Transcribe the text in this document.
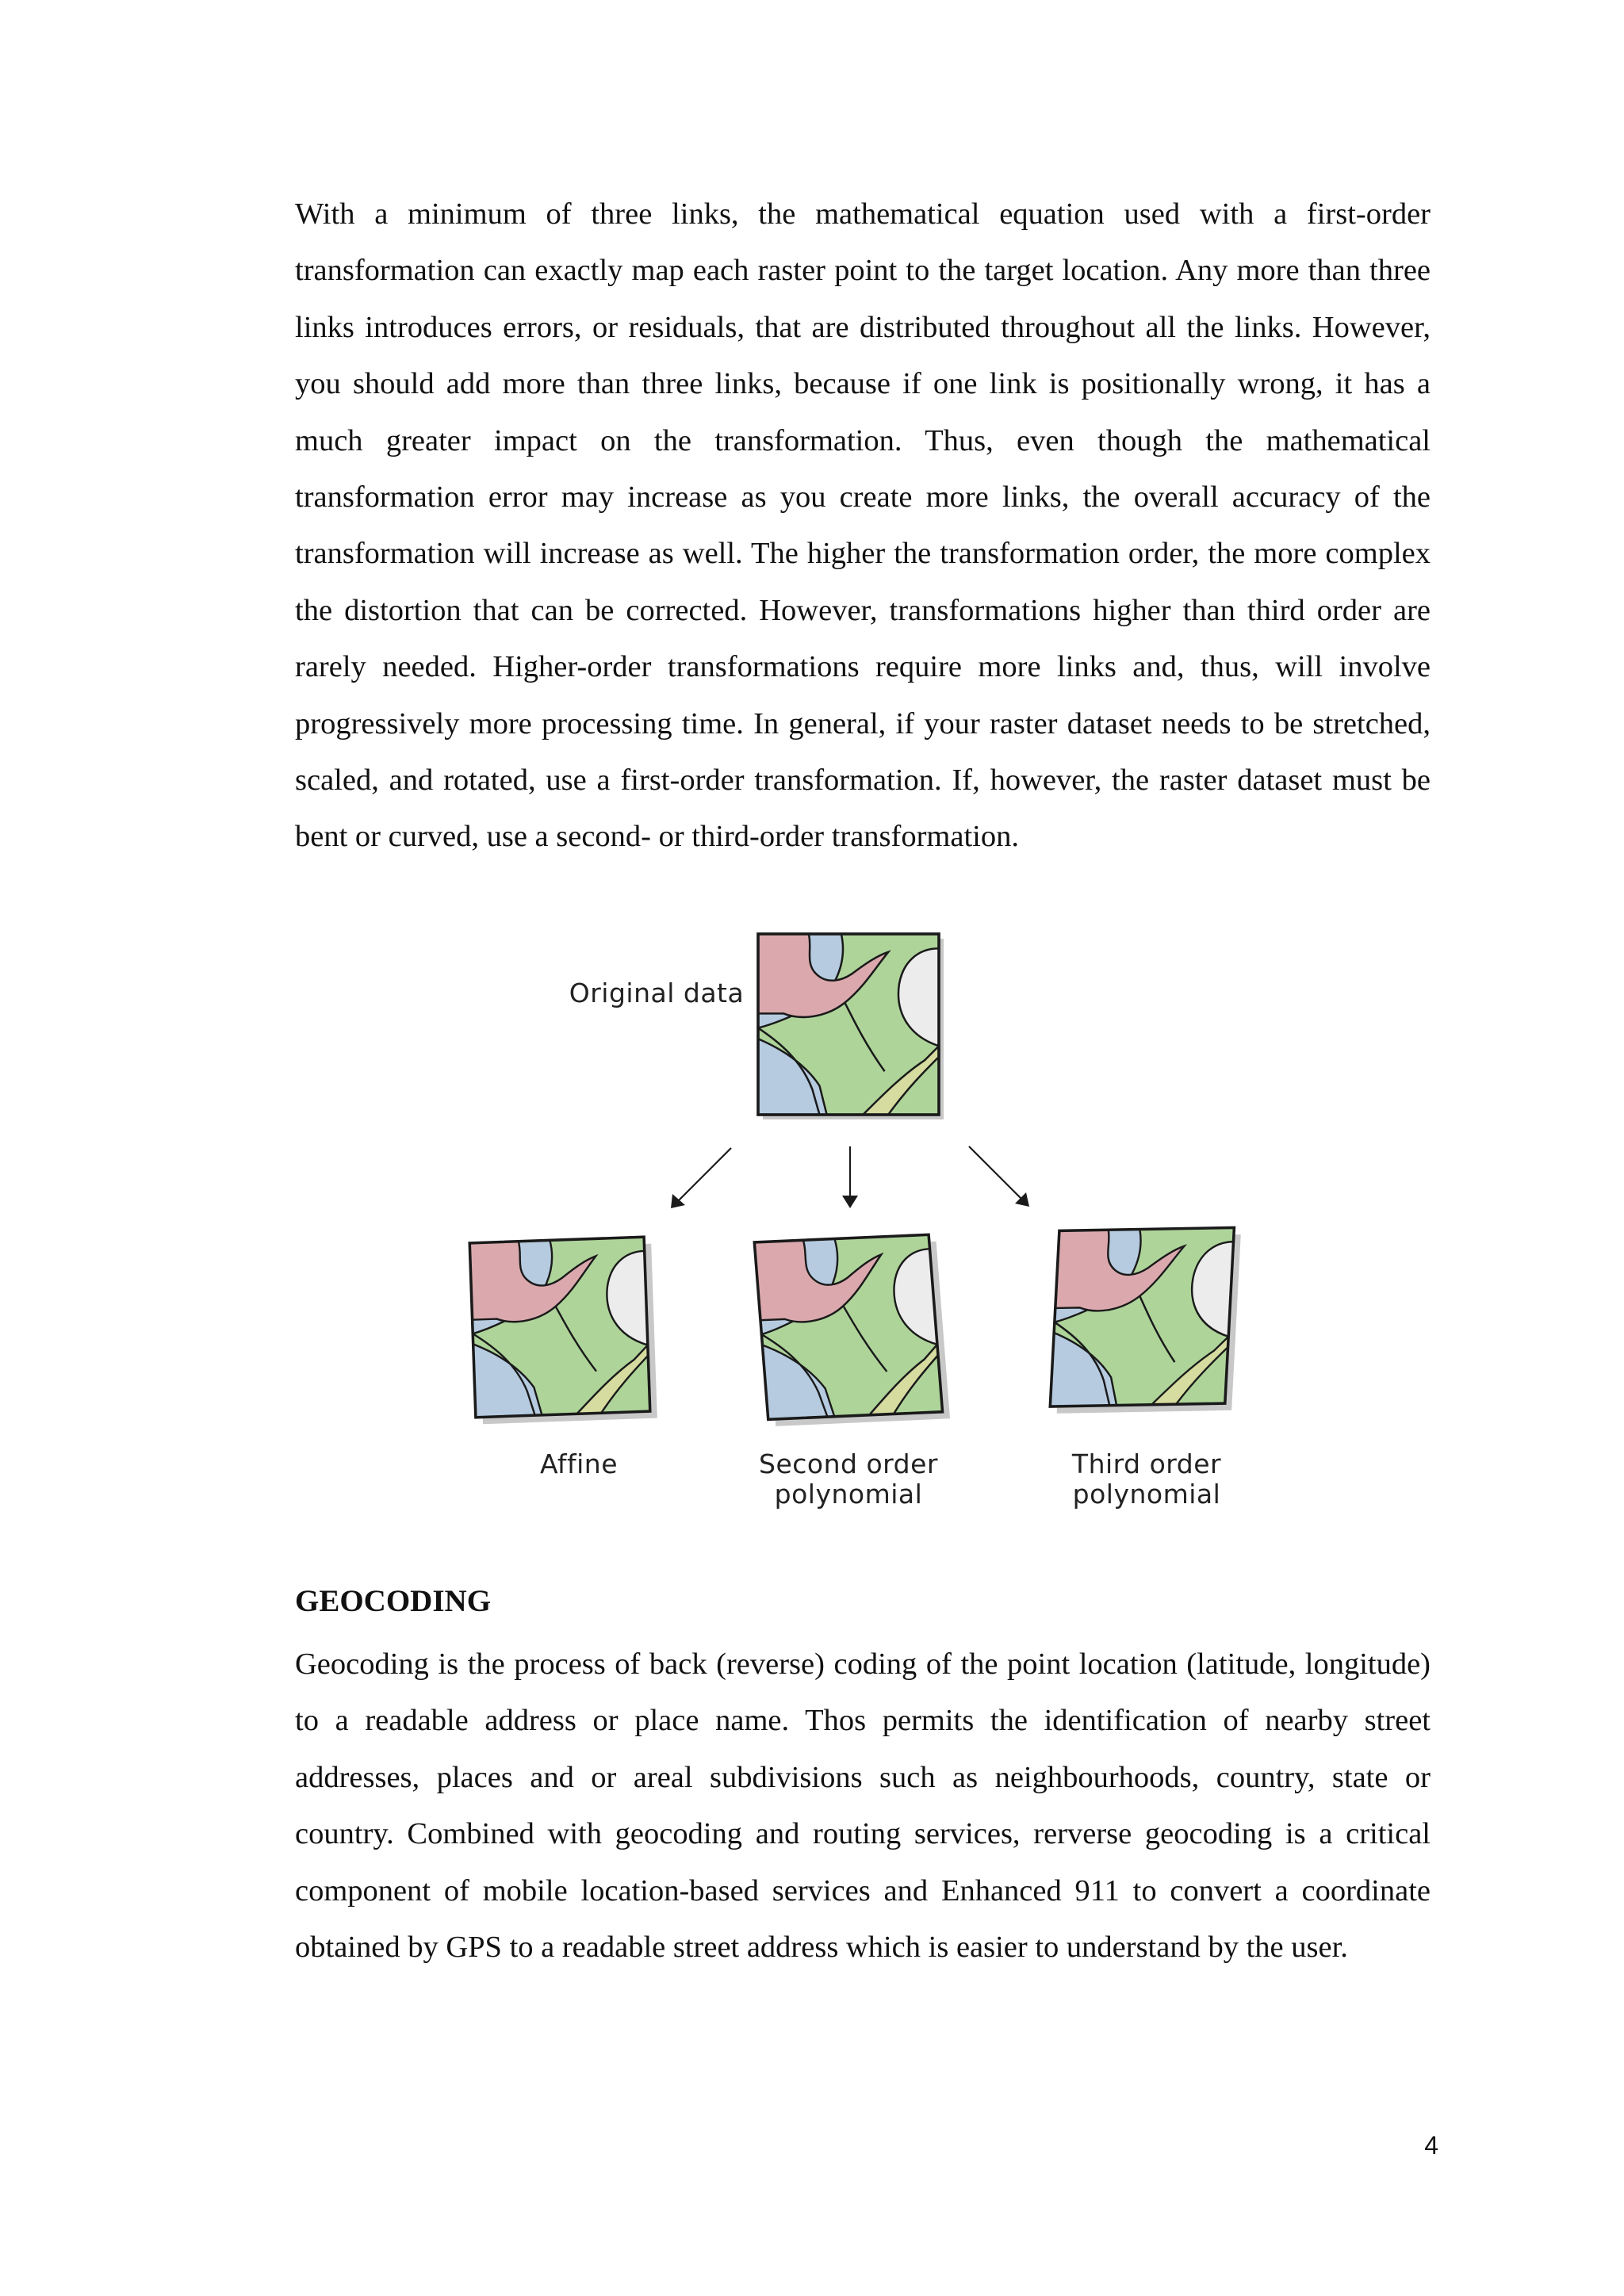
With a minimum of three links, the mathematical equation used with a first-order transformation can exactly map each raster point to the target location. Any more than three links introduces errors, or residuals, that are distributed throughout all the links. However, you should add more than three links, because if one link is positionally wrong, it has a much greater impact on the transformation. Thus, even though the mathematical transformation error may increase as you create more links, the overall accuracy of the transformation will increase as well. The higher the transformation order, the more complex the distortion that can be corrected. However, transformations higher than third order are rarely needed. Higher-order transformations require more links and, thus, will involve progressively more processing time. In general, if your raster dataset needs to be stretched, scaled, and rotated, use a first-order transformation. If, however, the raster dataset must be bent or curved, use a second- or third-order transformation.

Original data
Affine	Second order
polynomial
Third order
polynomial
GEOCODING

Geocoding is the process of back (reverse) coding of the point location (latitude, longitude) to a readable address or place name. Thos permits the identification of nearby street addresses, places and or areal subdivisions such as neighbourhoods, country, state or country. Combined with geocoding and routing services, rerverse geocoding is a critical component of mobile location-based services and Enhanced 911 to convert a coordinate obtained by GPS to a readable street address which is easier to understand by the user.

4
